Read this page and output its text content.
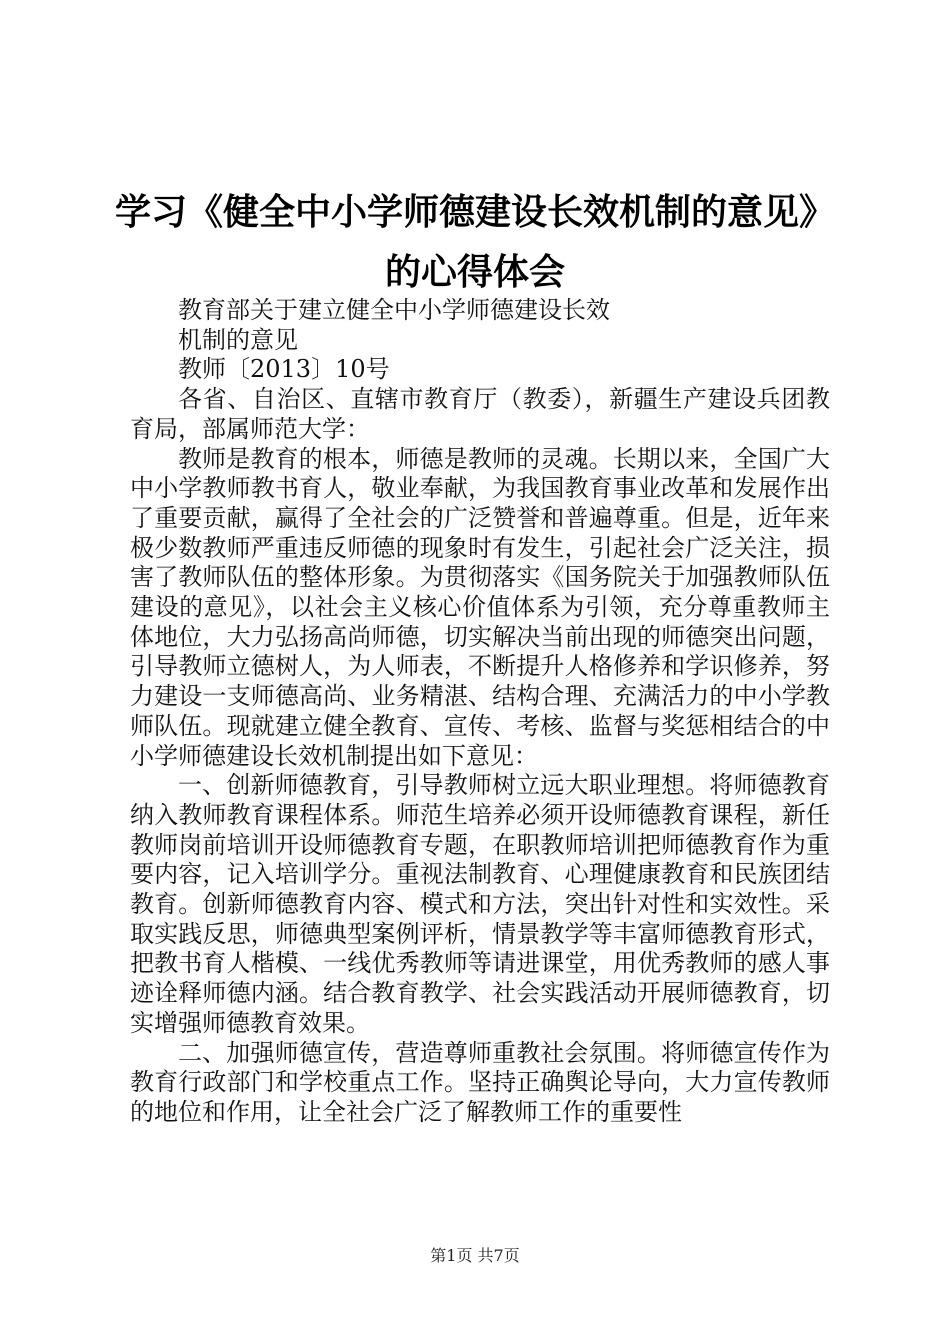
学习《健全中小学师德建设长效机制的意见》
的心得体会

教育部关于建立健全中小学师德建设长效

机制的意见

教师〔2013〕10号

各省、自治区、直辖市教育厅（教委），新疆生产建设兵团教育局，部属师范大学：

教师是教育的根本，师德是教师的灵魂。长期以来，全国广大中小学教师教书育人，敬业奉献，为我国教育事业改革和发展作出了重要贡献，赢得了全社会的广泛赞誉和普遍尊重。但是，近年来极少数教师严重违反师德的现象时有发生，引起社会广泛关注，损害了教师队伍的整体形象。为贯彻落实《国务院关于加强教师队伍建设的意见》，以社会主义核心价值体系为引领，充分尊重教师主体地位，大力弘扬高尚师德，切实解决当前出现的师德突出问题，引导教师立德树人，为人师表，不断提升人格修养和学识修养，努力建设一支师德高尚、业务精湛、结构合理、充满活力的中小学教师队伍。现就建立健全教育、宣传、考核、监督与奖惩相结合的中小学师德建设长效机制提出如下意见：

一、创新师德教育，引导教师树立远大职业理想。将师德教育纳入教师教育课程体系。师范生培养必须开设师德教育课程，新任教师岗前培训开设师德教育专题，在职教师培训把师德教育作为重要内容，记入培训学分。重视法制教育、心理健康教育和民族团结教育。创新师德教育内容、模式和方法，突出针对性和实效性。采取实践反思，师德典型案例评析，情景教学等丰富师德教育形式，把教书育人楷模、一线优秀教师等请进课堂，用优秀教师的感人事迹诠释师德内涵。结合教育教学、社会实践活动开展师德教育，切实增强师德教育效果。

二、加强师德宣传，营造尊师重教社会氛围。将师德宣传作为教育行政部门和学校重点工作。坚持正确舆论导向，大力宣传教师的地位和作用，让全社会广泛了解教师工作的重要性

第1页 共7页
